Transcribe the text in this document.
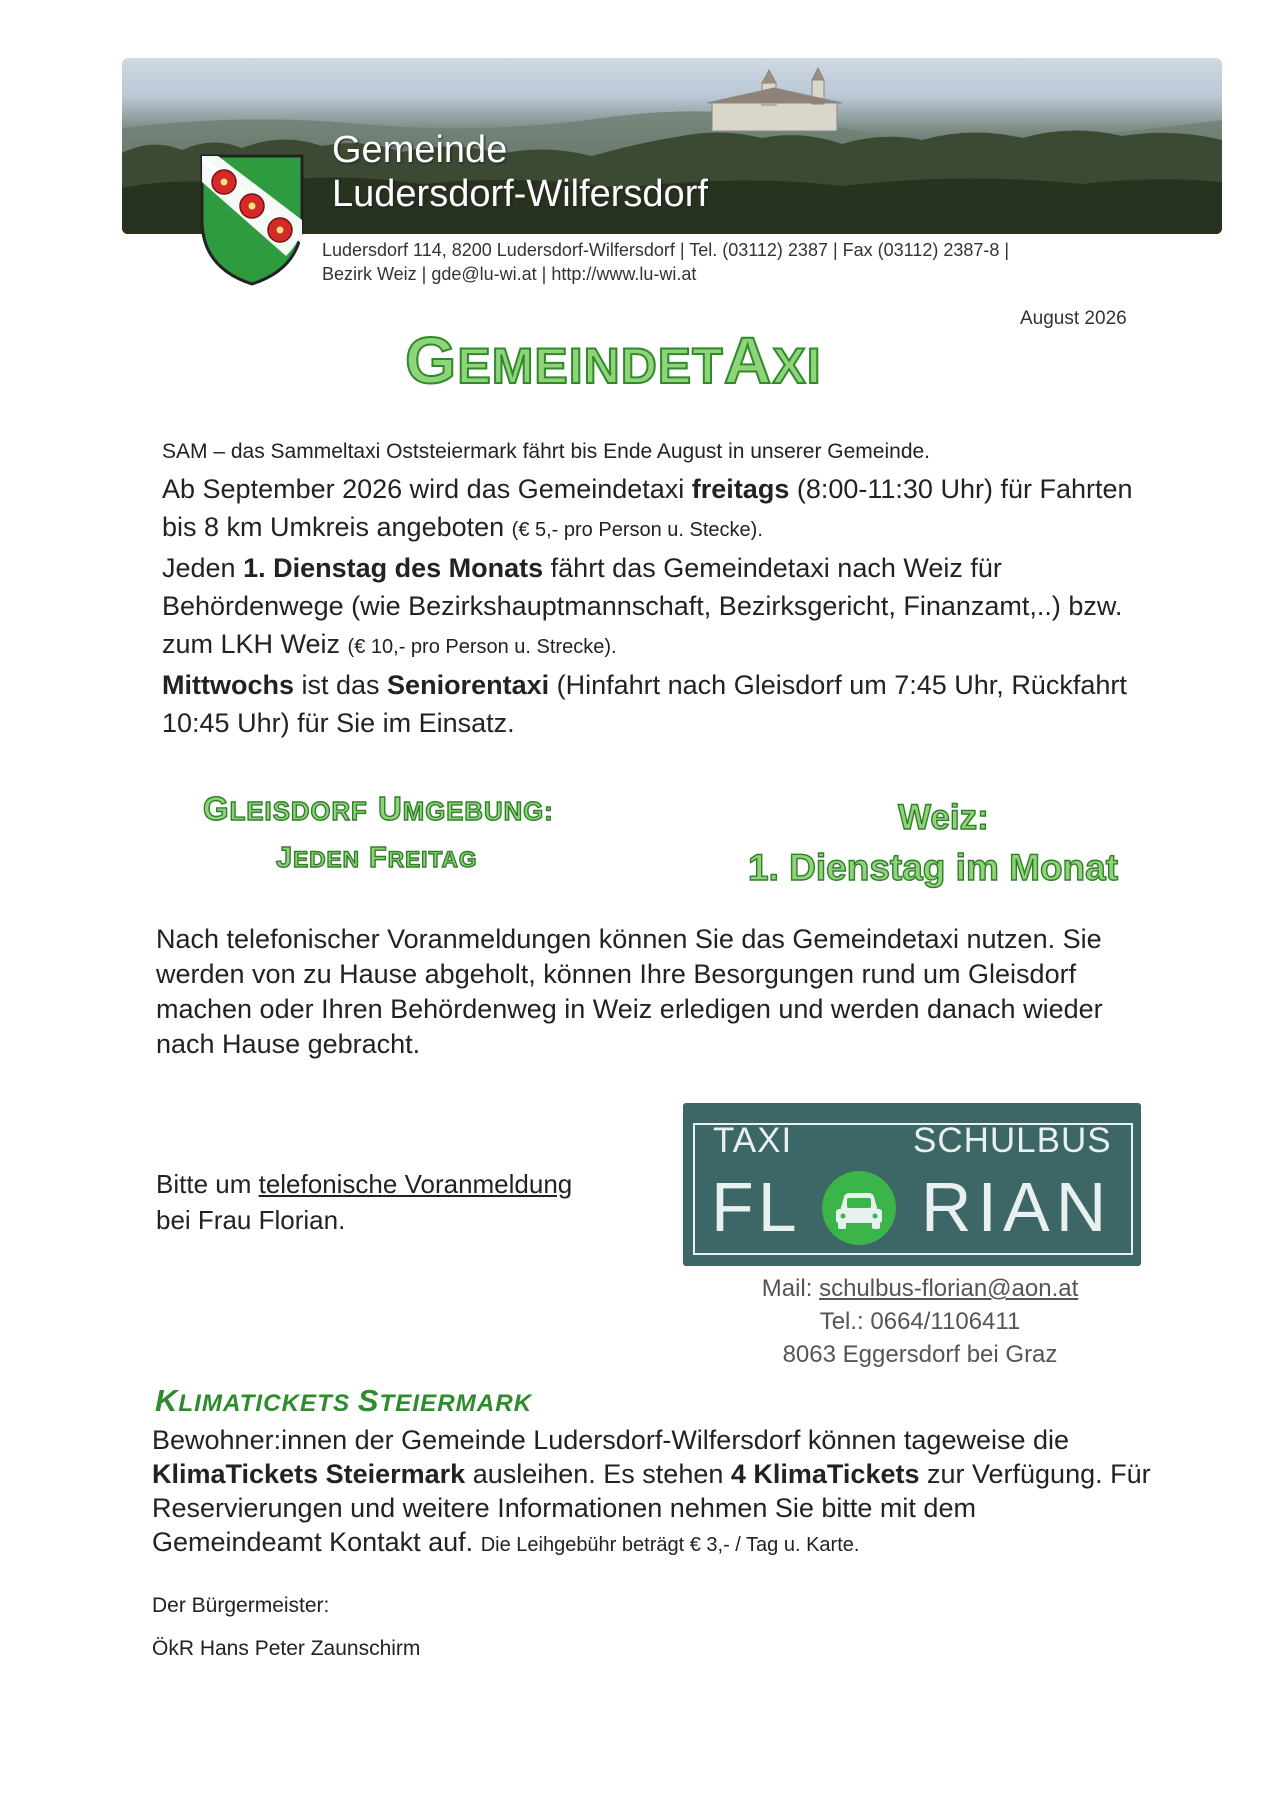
Gemeinde
Ludersdorf-Wilfersdorf
Ludersdorf 114, 8200 Ludersdorf-Wilfersdorf | Tel. (03112) 2387 | Fax (03112) 2387-8 |
Bezirk Weiz | gde@lu-wi.at | http://www.lu-wi.at
August 2026
GEMEINDETAXI
SAM – das Sammeltaxi Oststeiermark fährt bis Ende August in unserer Gemeinde.
Ab September 2026 wird das Gemeindetaxi freitags (8:00-11:30 Uhr) für Fahrten bis 8 km Umkreis angeboten (€ 5,- pro Person u. Stecke).
Jeden 1. Dienstag des Monats fährt das Gemeindetaxi nach Weiz für Behördenwege (wie Bezirkshauptmannschaft, Bezirksgericht, Finanzamt,..) bzw. zum LKH Weiz (€ 10,- pro Person u. Strecke).
Mittwochs ist das Seniorentaxi (Hinfahrt nach Gleisdorf um 7:45 Uhr, Rückfahrt 10:45 Uhr) für Sie im Einsatz.
GLEISDORF UMGEBUNG:
JEDEN FREITAG
Weiz:
1. Dienstag im Monat
Nach telefonischer Voranmeldungen können Sie das Gemeindetaxi nutzen. Sie werden von zu Hause abgeholt, können Ihre Besorgungen rund um Gleisdorf machen oder Ihren Behördenweg in Weiz erledigen und werden danach wieder nach Hause gebracht.
Bitte um telefonische Voranmeldung
bei Frau Florian.
TAXI	SCHULBUS
FL RIAN
Mail: schulbus-florian@aon.at
Tel.: 0664/1106411
8063 Eggersdorf bei Graz
KLIMATICKETS STEIERMARK
Bewohner:innen der Gemeinde Ludersdorf-Wilfersdorf können tageweise die KlimaTickets Steiermark ausleihen. Es stehen 4 KlimaTickets zur Verfügung. Für Reservierungen und weitere Informationen nehmen Sie bitte mit dem Gemeindeamt Kontakt auf. Die Leihgebühr beträgt € 3,- / Tag u. Karte.
Der Bürgermeister:
ÖkR Hans Peter Zaunschirm
